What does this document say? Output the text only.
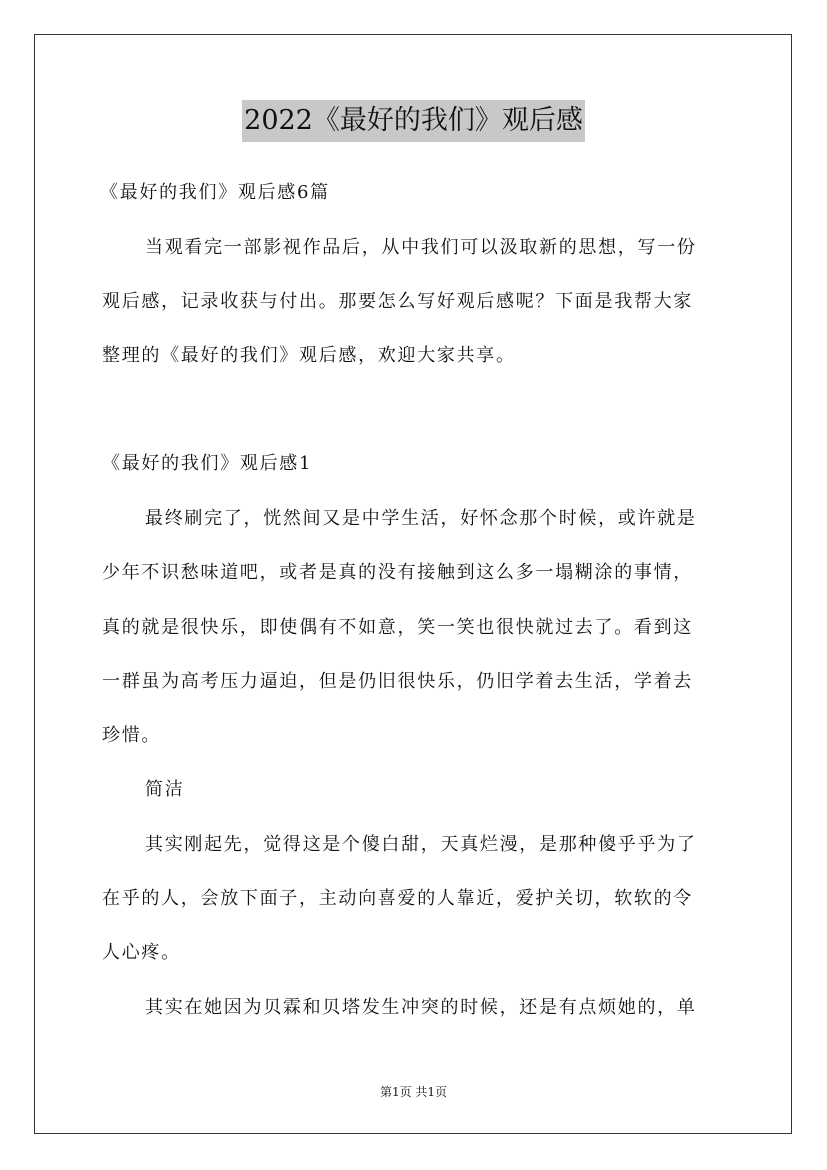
2022《最好的我们》观后感
《最好的我们》观后感6篇
当观看完一部影视作品后，从中我们可以汲取新的思想，写一份
观后感，记录收获与付出。那要怎么写好观后感呢？下面是我帮大家
整理的《最好的我们》观后感，欢迎大家共享。
《最好的我们》观后感1
最终刷完了，恍然间又是中学生活，好怀念那个时候，或许就是
少年不识愁味道吧，或者是真的没有接触到这么多一塌糊涂的事情，
真的就是很快乐，即使偶有不如意，笑一笑也很快就过去了。看到这
一群虽为高考压力逼迫，但是仍旧很快乐，仍旧学着去生活，学着去
珍惜。
简洁
其实刚起先，觉得这是个傻白甜，天真烂漫，是那种傻乎乎为了
在乎的人，会放下面子，主动向喜爱的人靠近，爱护关切，软软的令
人心疼。
其实在她因为贝霖和贝塔发生冲突的时候，还是有点烦她的，单
第1页 共1页
